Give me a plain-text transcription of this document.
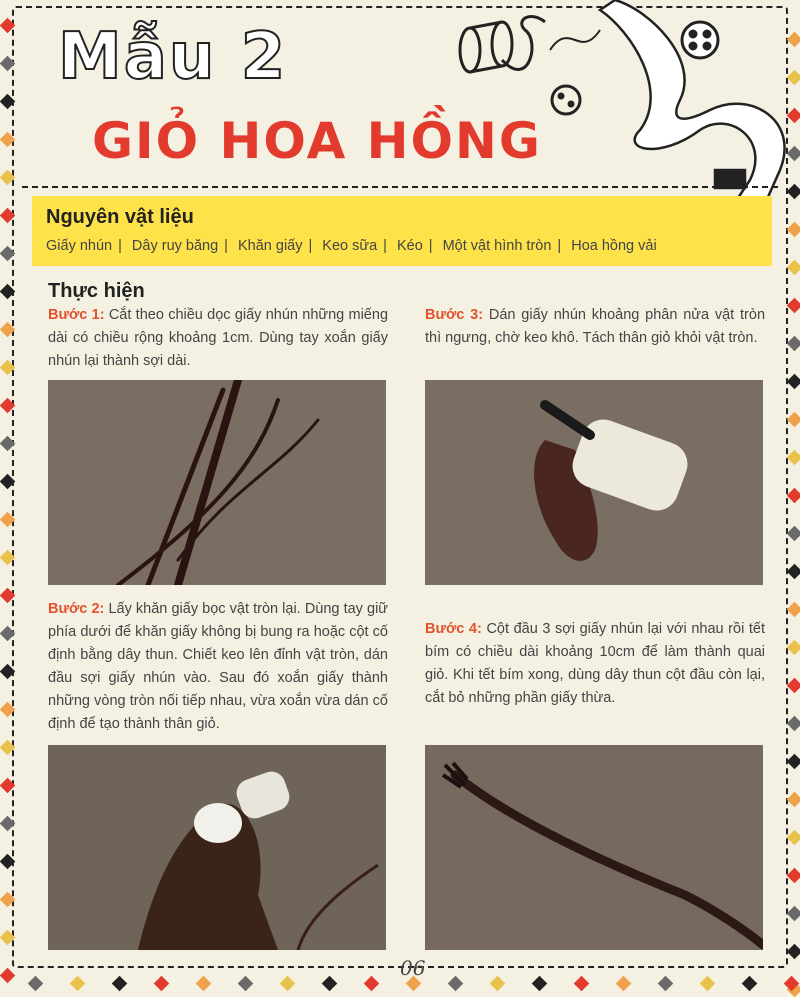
Mẫu 2
GIỎ HOA HỒNG
Nguyên vật liệu
Giấy nhún | Dây ruy băng | Khăn giấy | Keo sữa | Kéo | Một vật hình tròn | Hoa hồng vải
Thực hiện
Bước 1: Cắt theo chiều dọc giấy nhún những miếng dài có chiều rộng khoảng 1cm. Dùng tay xoắn giấy nhún lại thành sợi dài.
Bước 2: Lấy khăn giấy bọc vật tròn lại. Dùng tay giữ phía dưới để khăn giấy không bị bung ra hoặc cột cố định bằng dây thun. Chiết keo lên đỉnh vật tròn, dán đầu sợi giấy nhún vào. Sau đó xoắn giấy thành những vòng tròn nối tiếp nhau, vừa xoắn vừa dán cố định để tạo thành thân giỏ.
Bước 3: Dán giấy nhún khoảng phân nửa vật tròn thì ngưng, chờ keo khô. Tách thân giỏ khỏi vật tròn.
Bước 4: Cột đầu 3 sợi giấy nhún lại với nhau rồi tết bím có chiều dài khoảng 10cm để làm thành quai giỏ. Khi tết bím xong, dùng dây thun cột đầu còn lại, cắt bỏ những phần giấy thừa.
06
